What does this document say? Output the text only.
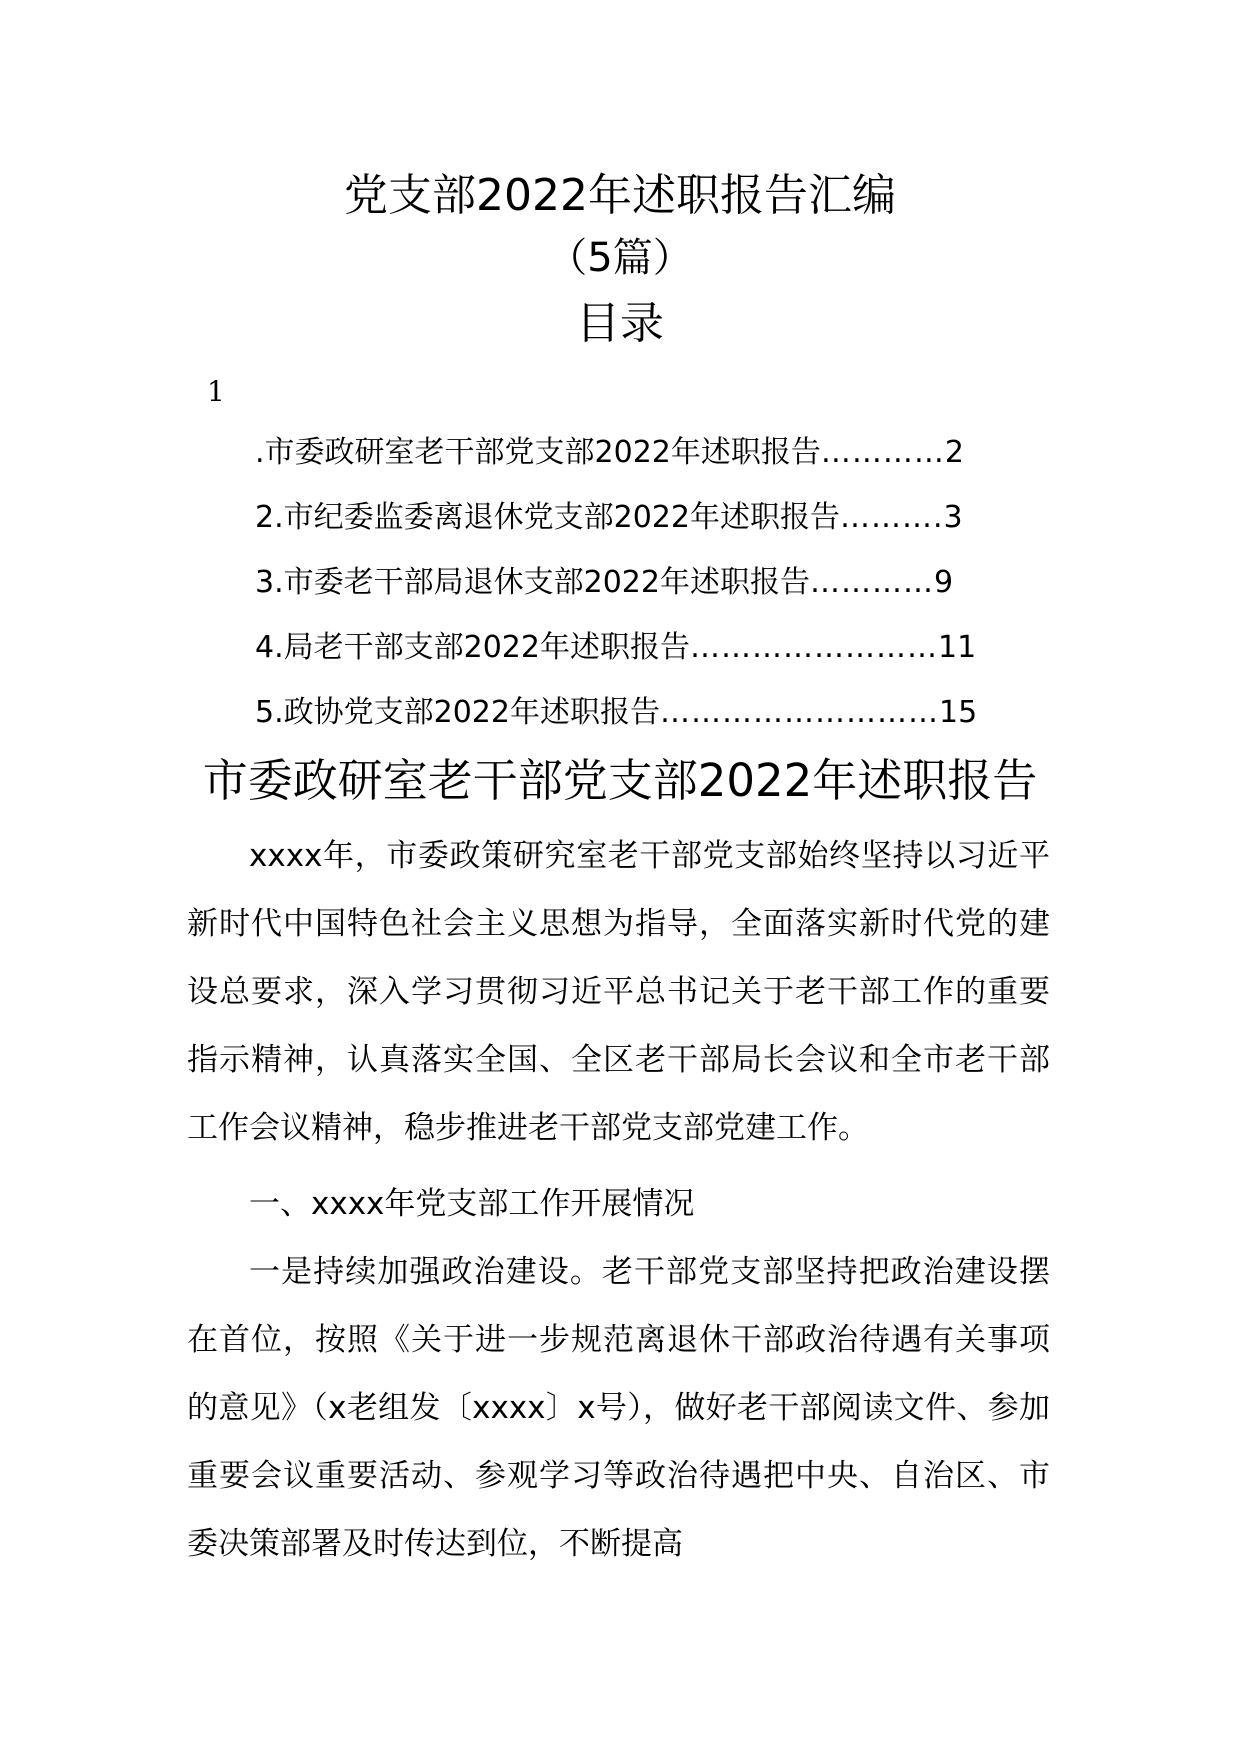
党支部2022年述职报告汇编
（5篇）
目录
1
.市委政研室老干部党支部2022年述职报告…………2
2.市纪委监委离退休党支部2022年述职报告……….3
3.市委老干部局退休支部2022年述职报告…………9
4.局老干部支部2022年述职报告……………………11
5.政协党支部2022年述职报告………………………15
市委政研室老干部党支部2022年述职报告

xxxx年，市委政策研究室老干部党支部始终坚持以习近平新时代中国特色社会主义思想为指导，全面落实新时代党的建设总要求，深入学习贯彻习近平总书记关于老干部工作的重要指示精神，认真落实全国、全区老干部局长会议和全市老干部工作会议精神，稳步推进老干部党支部党建工作。

一、xxxx年党支部工作开展情况

一是持续加强政治建设。老干部党支部坚持把政治建设摆在首位，按照《关于进一步规范离退休干部政治待遇有关事项的意见》（x老组发〔xxxx〕x号），做好老干部阅读文件、参加重要会议重要活动、参观学习等政治待遇把中央、自治区、市委决策部署及时传达到位，不断提高
